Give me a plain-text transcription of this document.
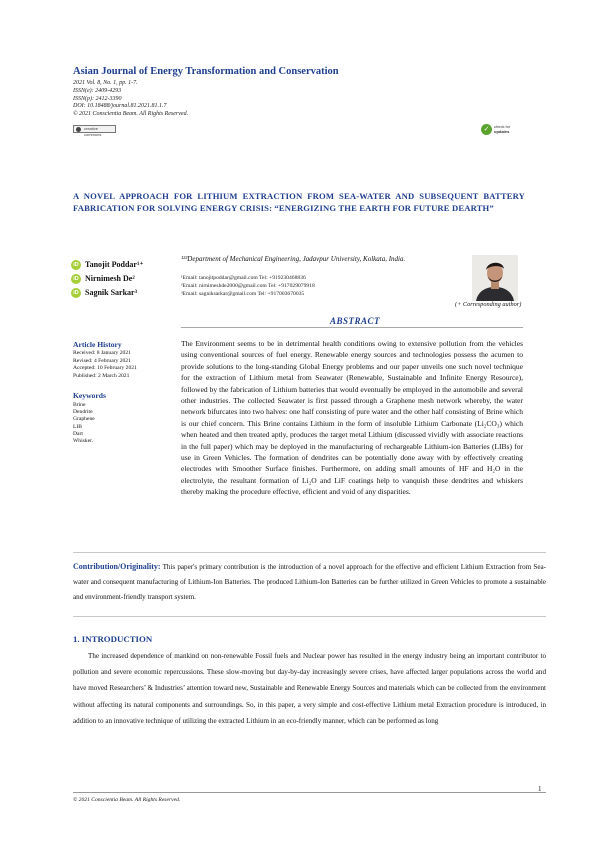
Asian Journal of Energy Transformation and Conservation
2021 Vol. 8, No. 1, pp. 1-7.
ISSN(e): 2409-4293
ISSN(p): 2412-3390
DOI: 10.18488/journal.81.2021.81.1.7
© 2021 Conscientia Beam. All Rights Reserved.
creative commons
✓	check for
updates
A NOVEL APPROACH FOR LITHIUM EXTRACTION FROM SEA-WATER AND SUBSEQUENT BATTERY FABRICATION FOR SOLVING ENERGY CRISIS: “ENERGIZING THE EARTH FOR FUTURE DEARTH”
iD Tanojit Poddar¹⁺
iD Nirnimesh De²
iD Sagnik Sarkar³
¹²³Department of Mechanical Engineering, Jadavpur University, Kolkata, India.
¹Email: tanojitpoddar@gmail.com Tel: +919230468836
²Email: nirnimeshde2000@gmail.com Tel: +917029079918
³Email: sagniksarkar@gmail.com Tel: +917003670035
(+ Corresponding author)
Article History
Received: 8 January 2021
Revised: 4 February 2021
Accepted: 10 February 2021
Published: 2 March 2021
Keywords
Brine
Dendrite
Graphene
LIB
Dart
Whisker.
ABSTRACT
The Environment seems to be in detrimental health conditions owing to extensive pollution from the vehicles using conventional sources of fuel energy. Renewable energy sources and technologies possess the acumen to provide solutions to the long-standing Global Energy problems and our paper unveils one such novel technique for the extraction of Lithium metal from Seawater (Renewable, Sustainable and Infinite Energy Resource), followed by the fabrication of Lithium batteries that would eventually be employed in the automobile and several other industries. The collected Seawater is first passed through a Graphene mesh network whereby, the water network bifurcates into two halves: one half consisting of pure water and the other half consisting of Brine which is our chief concern. This Brine contains Lithium in the form of insoluble Lithium Carbonate (Li₂CO₃) which when heated and then treated aptly, produces the target metal Lithium (discussed vividly with associate reactions in the full paper) which may be deployed in the manufacturing of rechargeable Lithium-ion Batteries (LIBs) for use in Green Vehicles. The formation of dendrites can be potentially done away with by effectively creating electrodes with Smoother Surface finishes. Furthermore, on adding small amounts of HF and H₂O in the electrolyte, the resultant formation of Li₂O and LiF coatings help to vanquish these dendrites and whiskers thereby making the procedure effective, efficient and void of any disparities.
Contribution/Originality: This paper's primary contribution is the introduction of a novel approach for the effective and efficient Lithium Extraction from Sea-water and consequent manufacturing of Lithium-Ion Batteries. The produced Lithium-Ion Batteries can be further utilized in Green Vehicles to promote a sustainable and environment-friendly transport system.
1. INTRODUCTION
The increased dependence of mankind on non-renewable Fossil fuels and Nuclear power has resulted in the energy industry being an important contributor to pollution and severe economic repercussions. These slow-moving but day-by-day increasingly severe crises, have affected larger populations across the world and have moved Researchers’ & Industries’ attention toward new, Sustainable and Renewable Energy Sources and materials which can be collected from the environment without affecting its natural components and surroundings. So, in this paper, a very simple and cost-effective Lithium metal Extraction procedure is introduced, in addition to an innovative technique of utilizing the extracted Lithium in an eco-friendly manner, which can be performed as long
1
© 2021 Conscientia Beam. All Rights Reserved.
